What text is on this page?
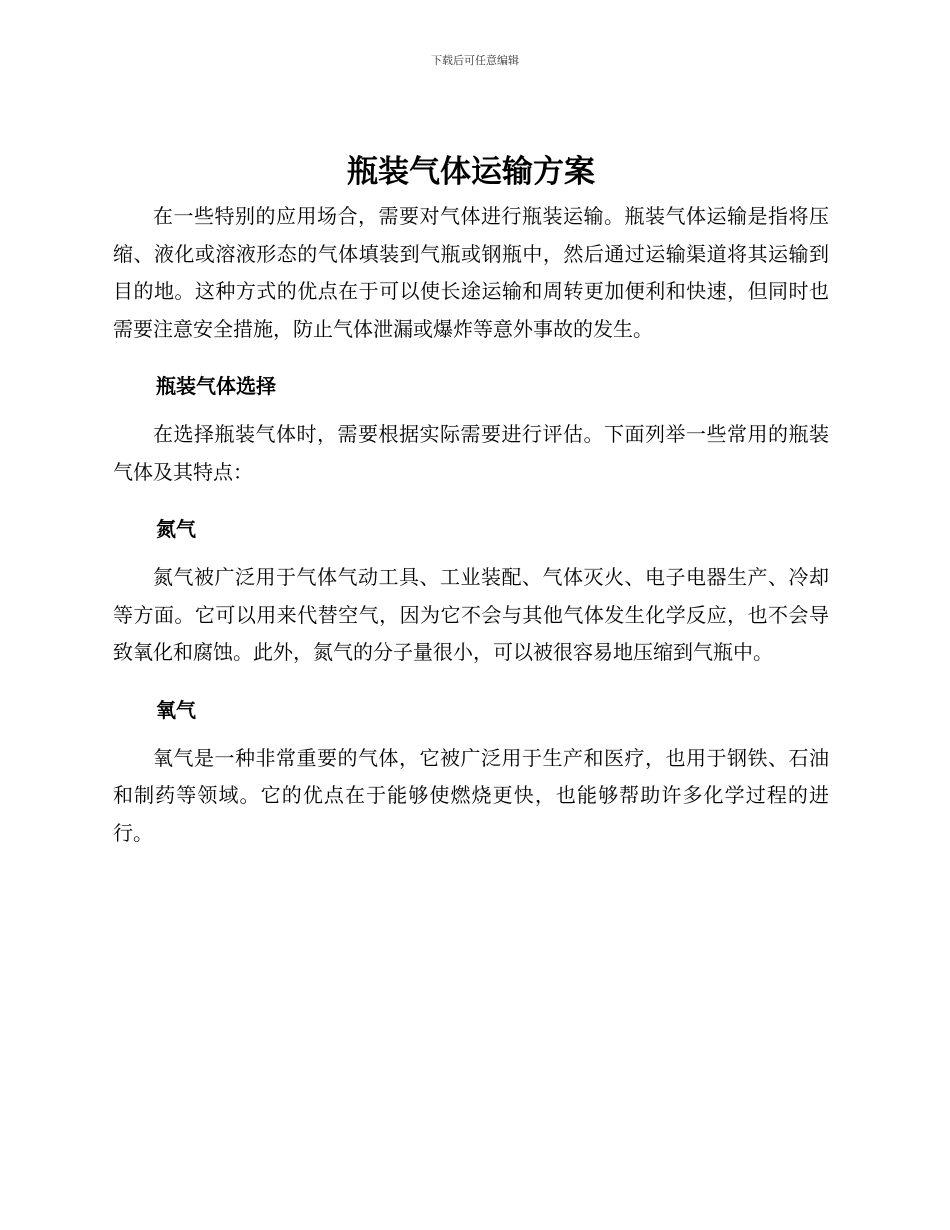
下载后可任意编辑
瓶装气体运输方案

在一些特别的应用场合，需要对气体进行瓶装运输。瓶装气体运输是指将压缩、液化或溶液形态的气体填装到气瓶或钢瓶中，然后通过运输渠道将其运输到目的地。这种方式的优点在于可以使长途运输和周转更加便利和快速，但同时也需要注意安全措施，防止气体泄漏或爆炸等意外事故的发生。

瓶装气体选择

在选择瓶装气体时，需要根据实际需要进行评估。下面列举一些常用的瓶装气体及其特点：

氮气

氮气被广泛用于气体气动工具、工业装配、气体灭火、电子电器生产、冷却等方面。它可以用来代替空气，因为它不会与其他气体发生化学反应，也不会导致氧化和腐蚀。此外，氮气的分子量很小，可以被很容易地压缩到气瓶中。

氧气

氧气是一种非常重要的气体，它被广泛用于生产和医疗，也用于钢铁、石油和制药等领域。它的优点在于能够使燃烧更快，也能够帮助许多化学过程的进行。
